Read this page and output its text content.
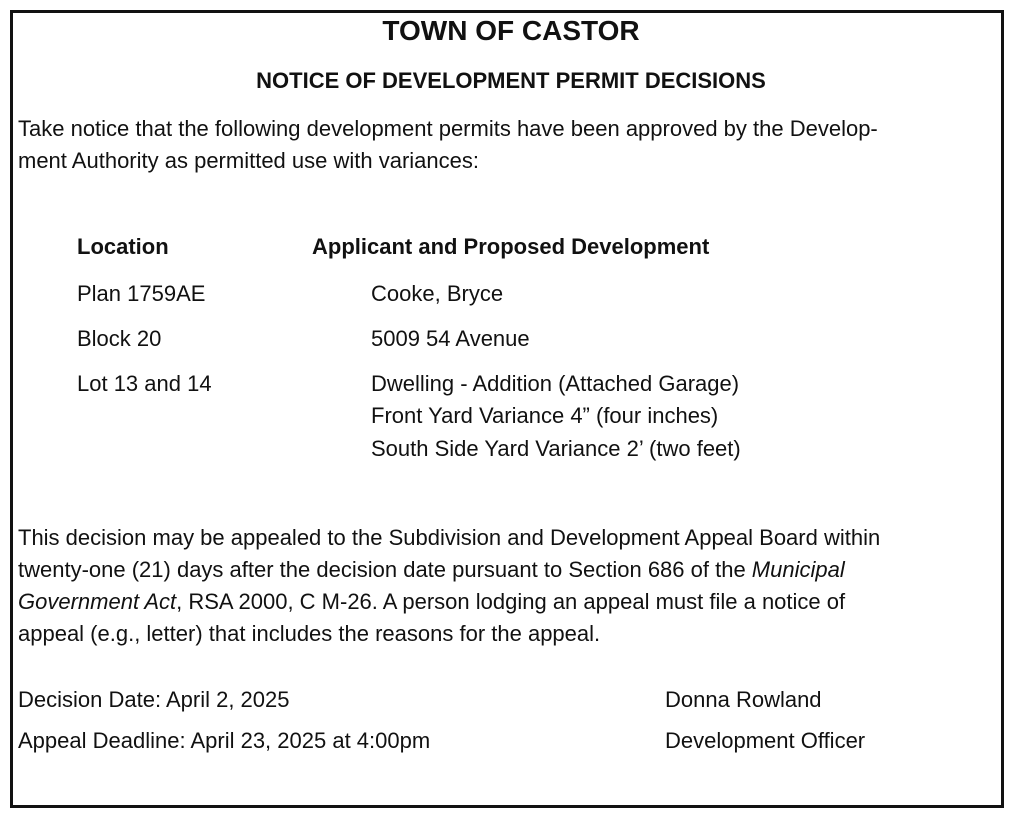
TOWN OF CASTOR
NOTICE OF DEVELOPMENT PERMIT DECISIONS
Take notice that the following development permits have been approved by the Develop-
ment Authority as permitted use with variances:
Location	Applicant and Proposed Development
Plan 1759AE
Block 20
Lot 13 and 14
Cooke, Bryce
5009 54 Avenue
Dwelling - Addition (Attached Garage)
Front Yard Variance 4” (four inches)
South Side Yard Variance 2’ (two feet)
This decision may be appealed to the Subdivision and Development Appeal Board within
twenty-one (21) days after the decision date pursuant to Section 686 of the Municipal
Government Act, RSA 2000, C M-26. A person lodging an appeal must file a notice of
appeal (e.g., letter) that includes the reasons for the appeal.
Decision Date: April 2, 2025
Appeal Deadline: April 23, 2025 at 4:00pm
Donna Rowland
Development Officer
